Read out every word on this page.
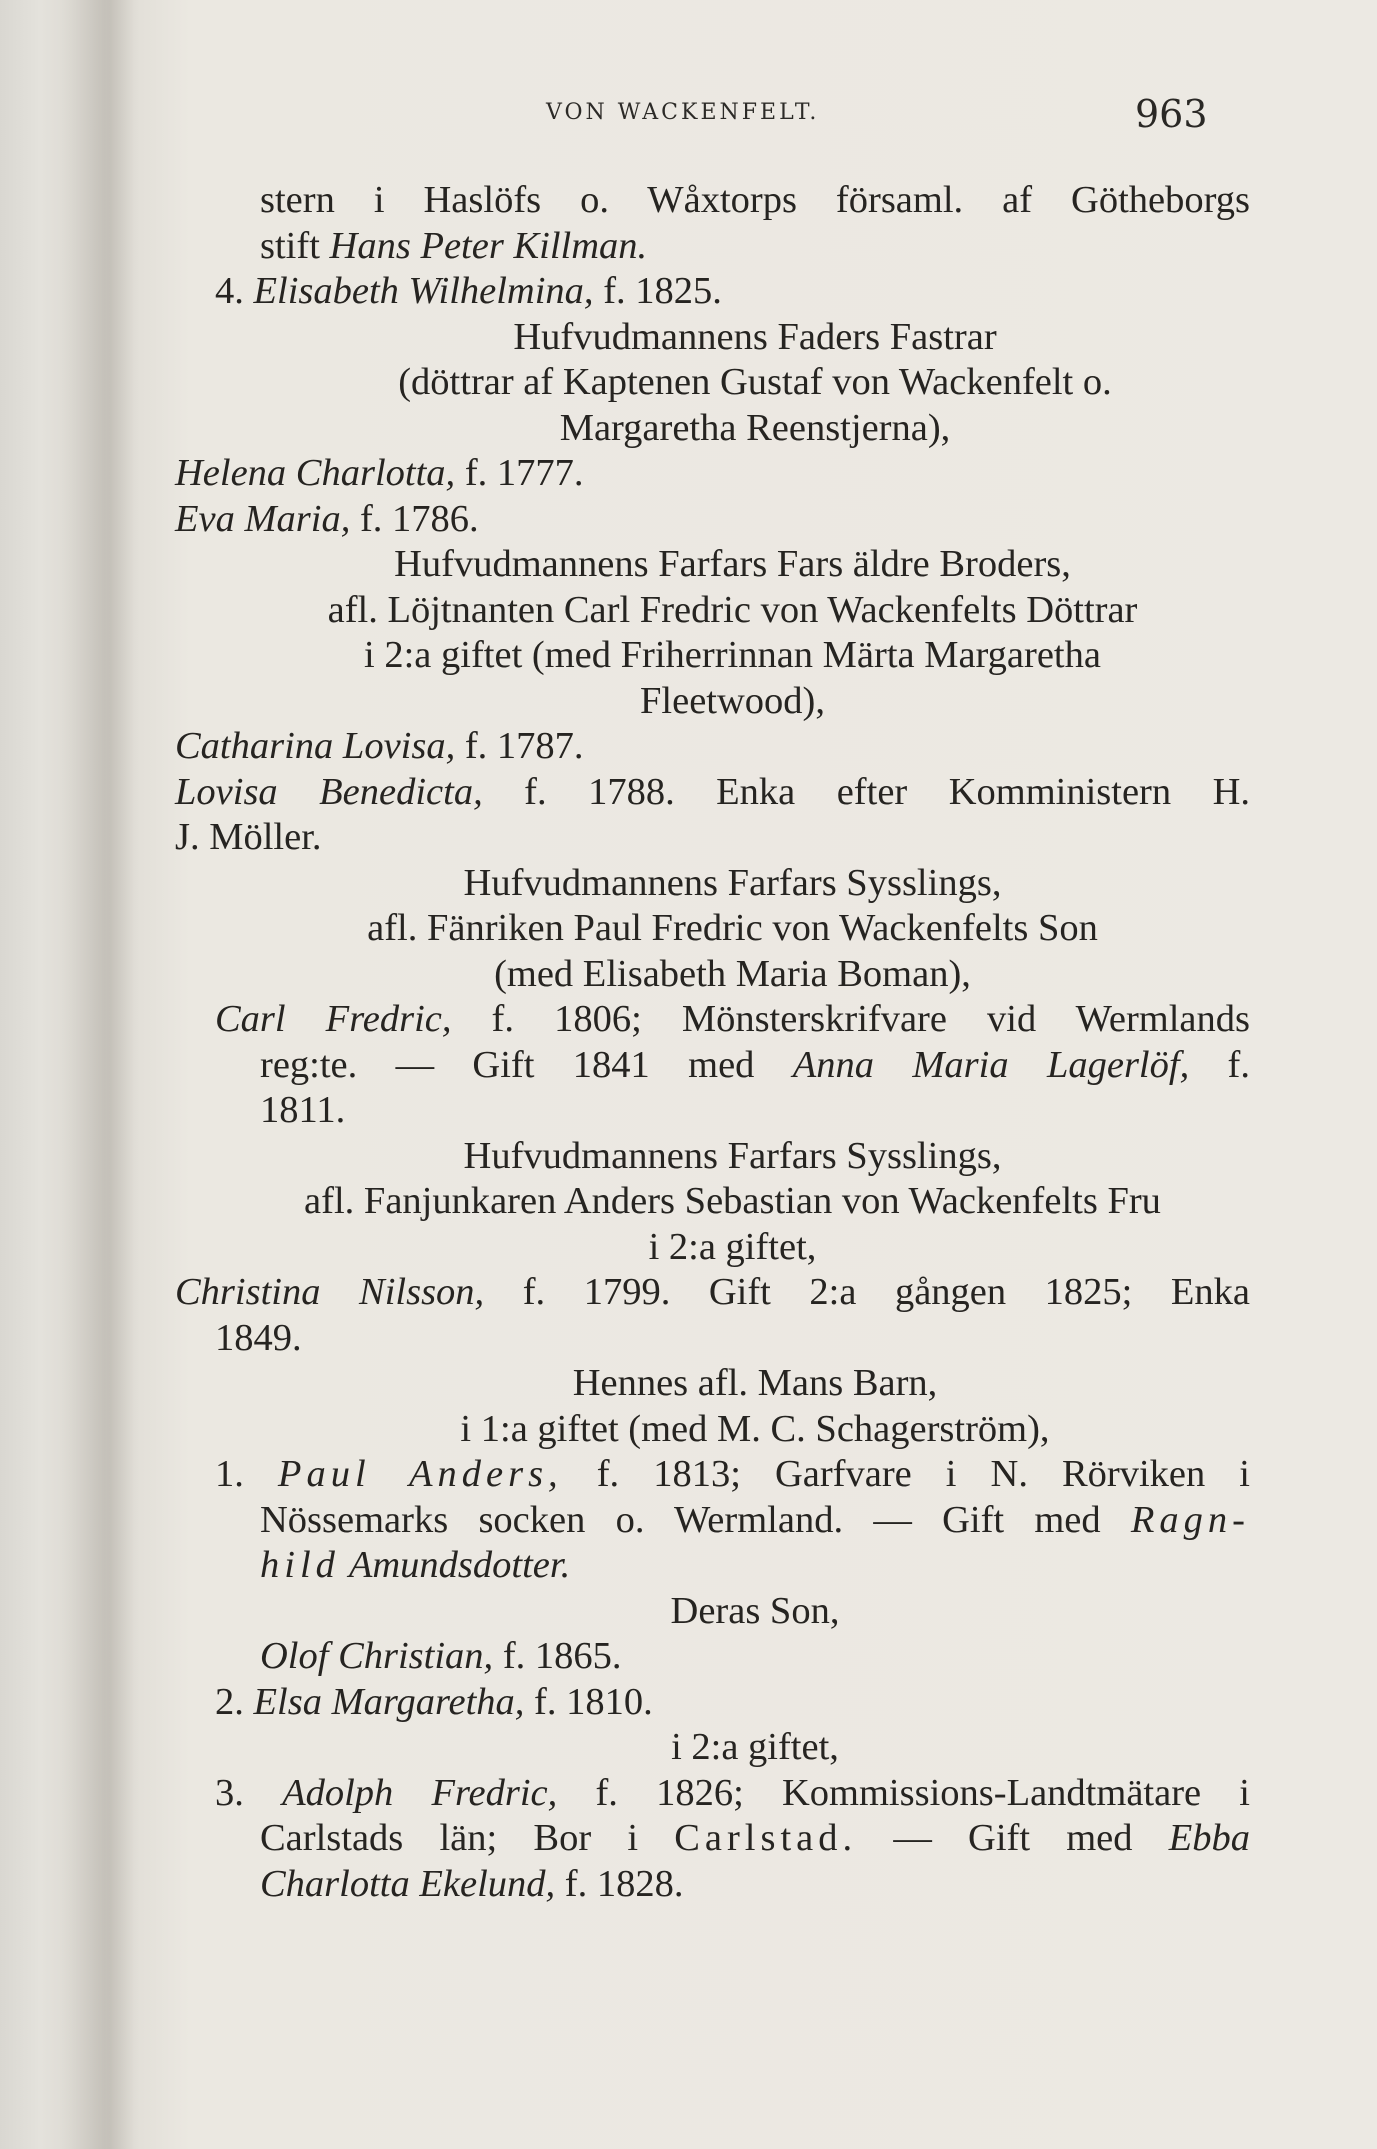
VON WACKENFELT.	963

stern i Haslöfs o. Wåxtorps församl. af Götheborgs

stift Hans Peter Killman.

4. Elisabeth Wilhelmina, f. 1825.

Hufvudmannens Faders Fastrar

(döttrar af Kaptenen Gustaf von Wackenfelt o.

Margaretha Reenstjerna),

Helena Charlotta, f. 1777.

Eva Maria, f. 1786.

Hufvudmannens Farfars Fars äldre Broders,

afl. Löjtnanten Carl Fredric von Wackenfelts Döttrar

i 2:a giftet (med Friherrinnan Märta Margaretha

Fleetwood),

Catharina Lovisa, f. 1787.

Lovisa Benedicta, f. 1788. Enka efter Komministern H.

J. Möller.

Hufvudmannens Farfars Sysslings,

afl. Fänriken Paul Fredric von Wackenfelts Son

(med Elisabeth Maria Boman),

Carl Fredric, f. 1806; Mönsterskrifvare vid Wermlands

reg:te. — Gift 1841 med Anna Maria Lagerlöf, f.

1811.

Hufvudmannens Farfars Sysslings,

afl. Fanjunkaren Anders Sebastian von Wackenfelts Fru

i 2:a giftet,

Christina Nilsson, f. 1799. Gift 2:a gången 1825; Enka

1849.

Hennes afl. Mans Barn,

i 1:a giftet (med M. C. Schagerström),

1. Paul Anders, f. 1813; Garfvare i N. Rörviken i

Nössemarks socken o. Wermland. — Gift med Ragn-

hild Amundsdotter.

Deras Son,

Olof Christian, f. 1865.

2. Elsa Margaretha, f. 1810.

i 2:a giftet,

3. Adolph Fredric, f. 1826; Kommissions-Landtmätare i

Carlstads län; Bor i Carlstad. — Gift med Ebba

Charlotta Ekelund, f. 1828.
